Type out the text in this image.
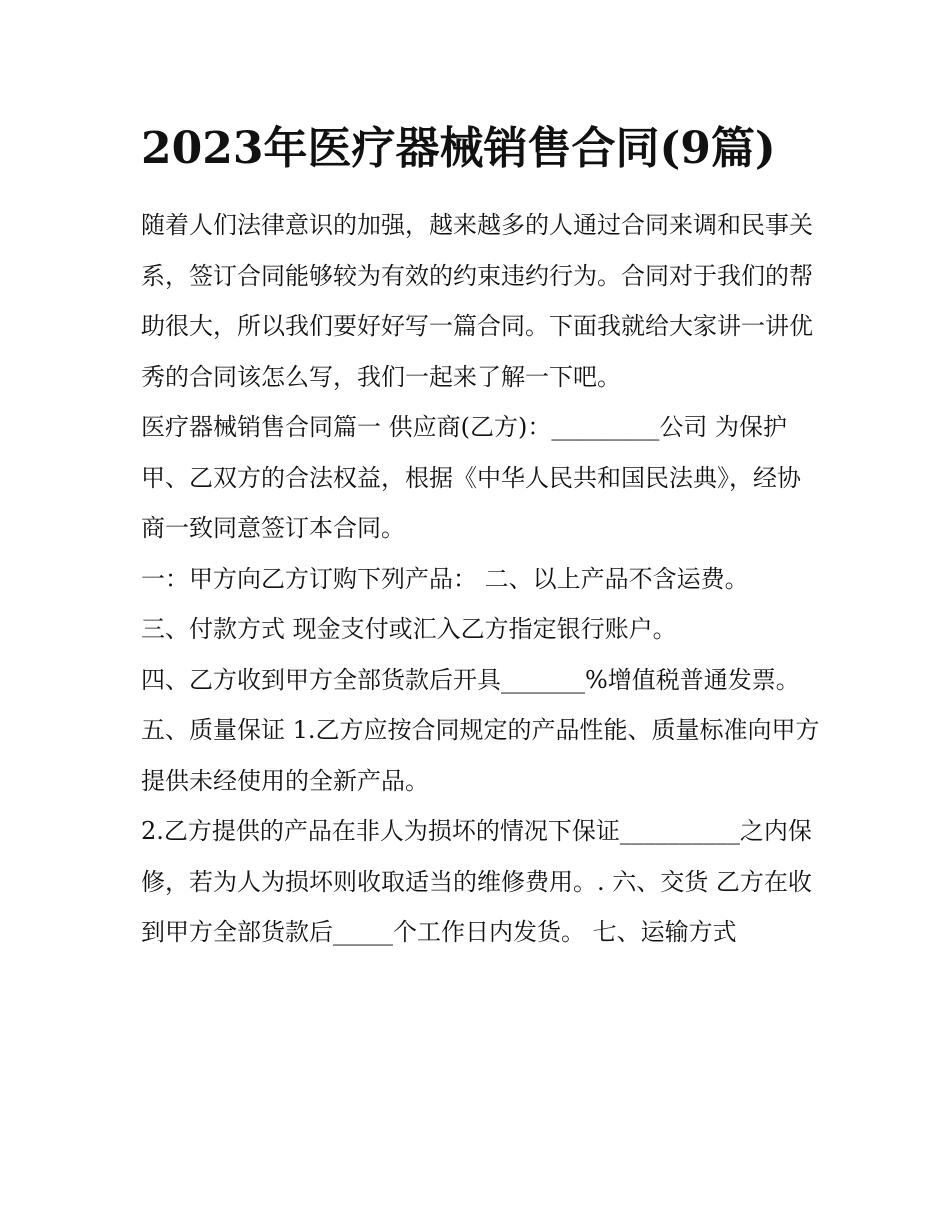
2023年医疗器械销售合同(9篇)

随着人们法律意识的加强，越来越多的人通过合同来调和民事关系，签订合同能够较为有效的约束违约行为。合同对于我们的帮助很大，所以我们要好好写一篇合同。下面我就给大家讲一讲优秀的合同该怎么写，我们一起来了解一下吧。

医疗器械销售合同篇一 供应商(乙方)：_________公司 为保护甲、乙双方的合法权益，根据《中华人民共和国民法典》，经协商一致同意签订本合同。

一：甲方向乙方订购下列产品： 二、以上产品不含运费。

三、付款方式 现金支付或汇入乙方指定银行账户。

四、乙方收到甲方全部货款后开具_______%增值税普通发票。 五、质量保证 1.乙方应按合同规定的产品性能、质量标准向甲方提供未经使用的全新产品。

2.乙方提供的产品在非人为损坏的情况下保证__________之内保修，若为人为损坏则收取适当的维修费用。. 六、交货 乙方在收到甲方全部货款后_____个工作日内发货。 七、运输方式
